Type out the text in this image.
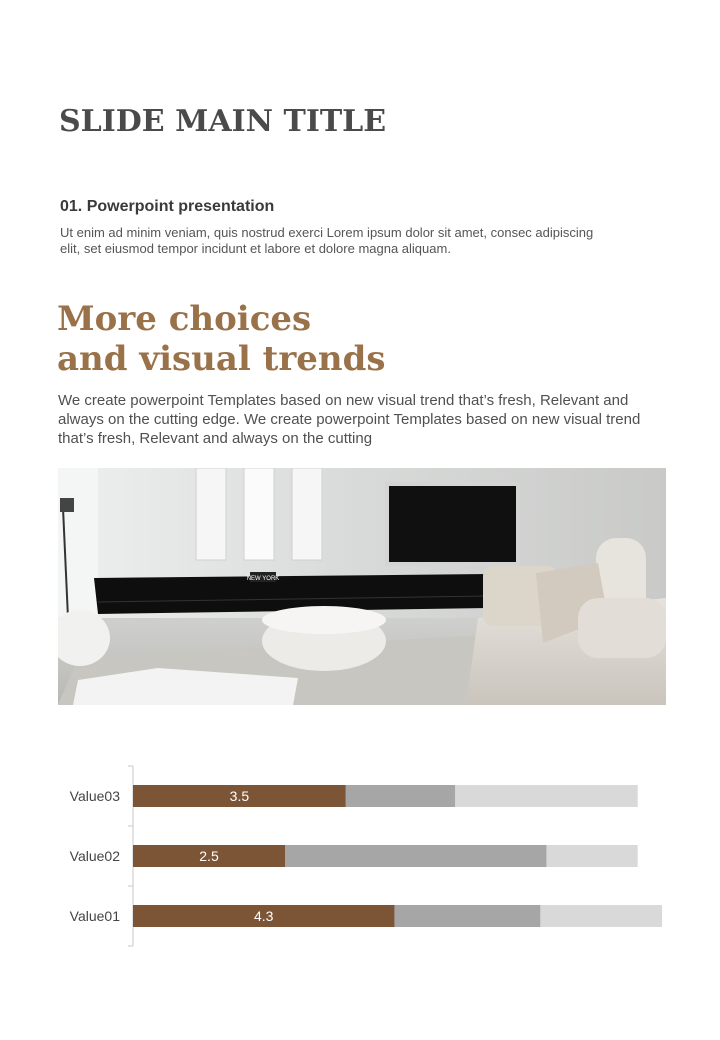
SLIDE MAIN TITLE
01. Powerpoint presentation
Ut enim ad minim veniam, quis nostrud exerci Lorem ipsum dolor sit amet, consec adipiscing elit, set eiusmod tempor incidunt et labore et dolore magna aliquam.
More choices
and visual trends
We create powerpoint Templates based on new visual trend that’s fresh, Relevant and always on the cutting edge. We create powerpoint Templates based on new visual trend that’s fresh, Relevant and always on the cutting
NEW YORK
Value03	3.5
Value02	2.5
Value01	4.3
